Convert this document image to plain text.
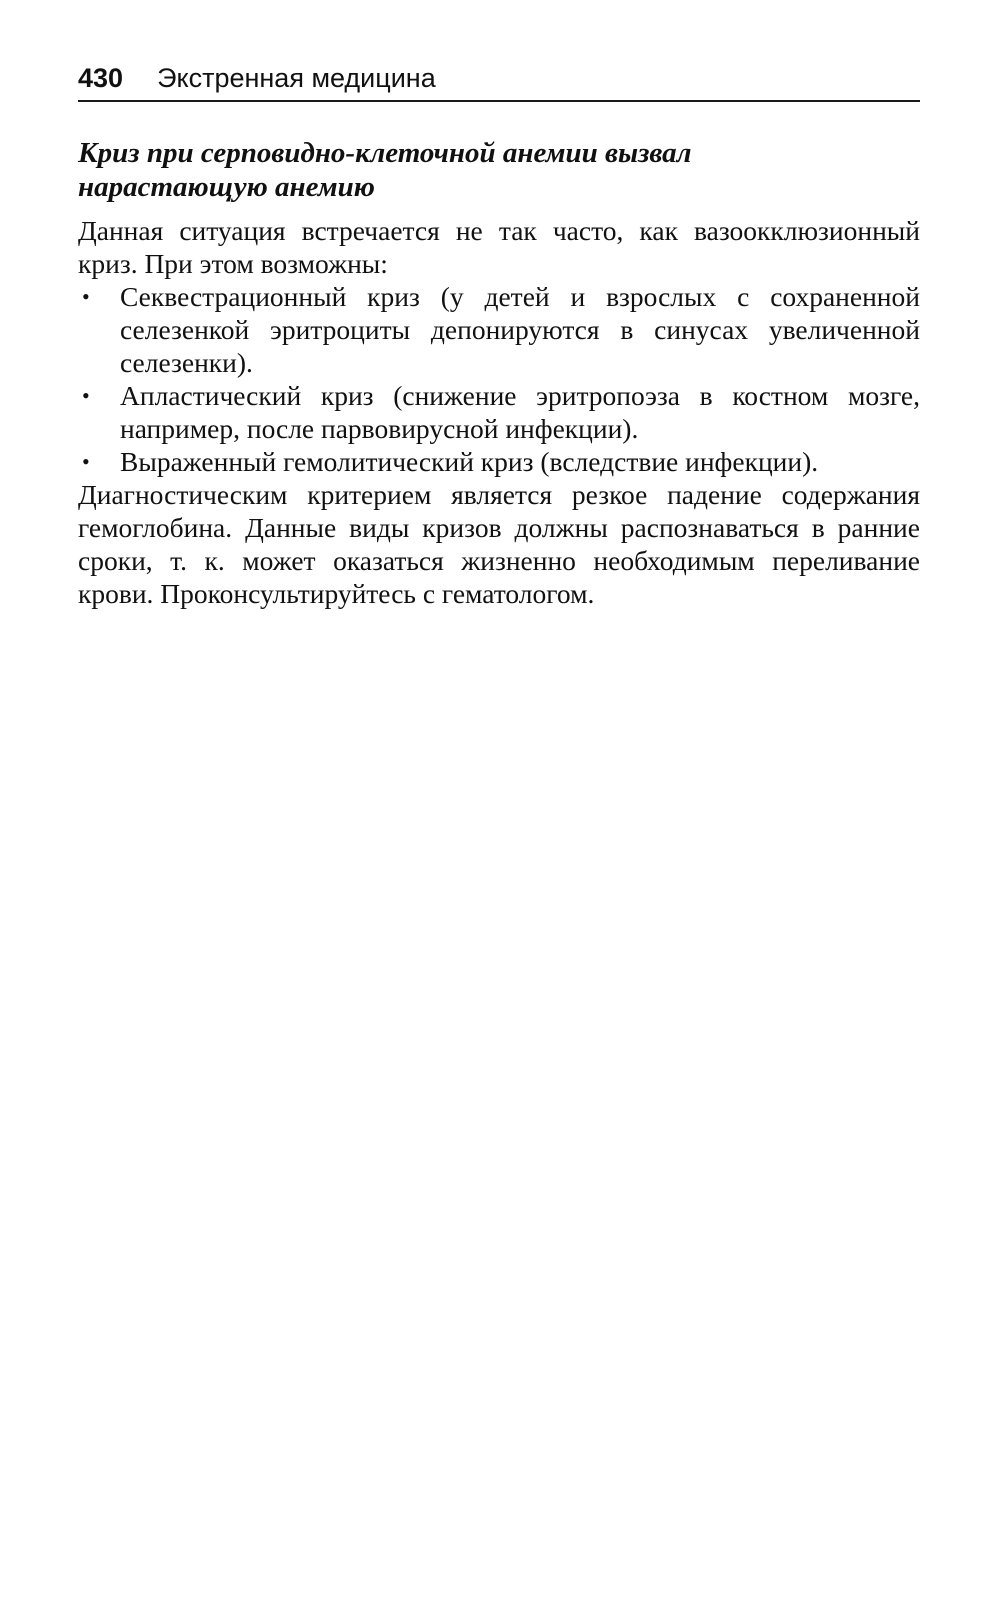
430 Экстренная медицина
Криз при серповидно-клеточной анемии вызвал
нарастающую анемию

Данная ситуация встречается не так часто, как вазоокклюзионный криз. При этом возможны:

• Секвестрационный криз (у детей и взрослых с сохраненной селезенкой эритроциты депонируются в синусах увеличенной селезенки).
• Апластический криз (снижение эритропоэза в костном мозге, например, после парвовирусной инфекции).
• Выраженный гемолитический криз (вследствие инфекции).

Диагностическим критерием является резкое падение содержания гемоглобина. Данные виды кризов должны распознаваться в ранние сроки, т. к. может оказаться жизненно необходимым переливание крови. Проконсультируйтесь с гематологом.
